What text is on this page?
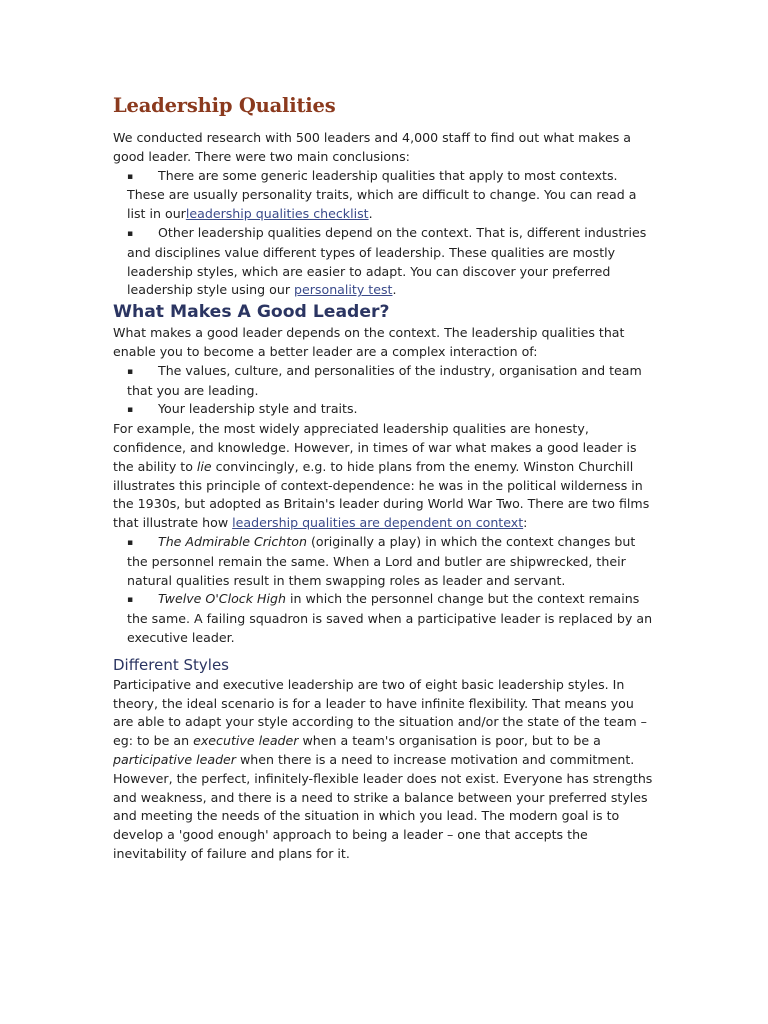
Leadership Qualities

We conducted research with 500 leaders and 4,000 staff to find out what makes a good leader. There were two main conclusions:

▪ There are some generic leadership qualities that apply to most contexts. These are usually personality traits, which are difficult to change. You can read a list in ourleadership qualities checklist.
▪ Other leadership qualities depend on the context. That is, different industries and disciplines value different types of leadership. These qualities are mostly leadership styles, which are easier to adapt. You can discover your preferred leadership style using our personality test.
What Makes A Good Leader?

What makes a good leader depends on the context. The leadership qualities that enable you to become a better leader are a complex interaction of:

▪ The values, culture, and personalities of the industry, organisation and team that you are leading.
▪ Your leadership style and traits.

For example, the most widely appreciated leadership qualities are honesty, confidence, and knowledge. However, in times of war what makes a good leader is the ability to lie convincingly, e.g. to hide plans from the enemy. Winston Churchill illustrates this principle of context-dependence: he was in the political wilderness in the 1930s, but adopted as Britain's leader during World War Two. There are two films that illustrate how leadership qualities are dependent on context:

▪ The Admirable Crichton (originally a play) in which the context changes but the personnel remain the same. When a Lord and butler are shipwrecked, their natural qualities result in them swapping roles as leader and servant.
▪ Twelve O'Clock High in which the personnel change but the context remains the same. A failing squadron is saved when a participative leader is replaced by an executive leader.
Different Styles

Participative and executive leadership are two of eight basic leadership styles. In theory, the ideal scenario is for a leader to have infinite flexibility. That means you are able to adapt your style according to the situation and/or the state of the team – eg: to be an executive leader when a team's organisation is poor, but to be a participative leader when there is a need to increase motivation and commitment.

However, the perfect, infinitely-flexible leader does not exist. Everyone has strengths and weakness, and there is a need to strike a balance between your preferred styles and meeting the needs of the situation in which you lead. The modern goal is to develop a 'good enough' approach to being a leader – one that accepts the inevitability of failure and plans for it.
